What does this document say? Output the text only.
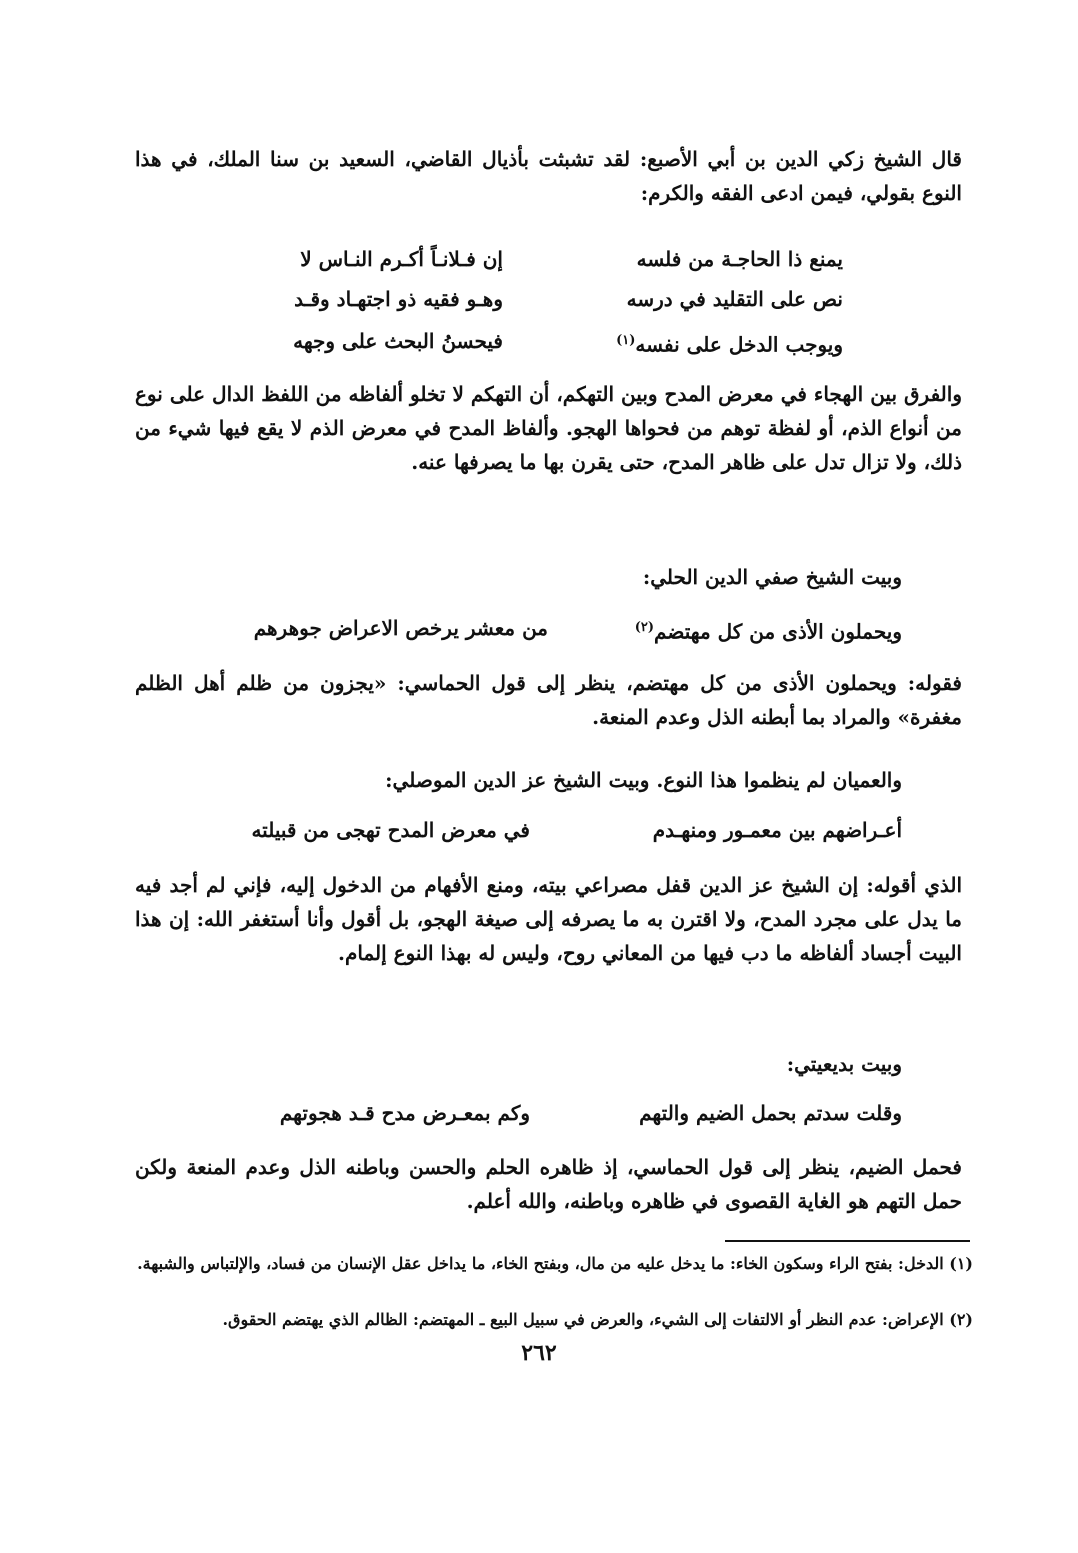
قال الشيخ زكي الدين بن أبي الأصبع: لقد تشبثت بأذيال القاضي، السعيد بن سنا الملك، في هذا النوع بقولي، فيمن ادعى الفقه والكرم:
إن فـلانـاً أكـرم النـاس لا	يمنع ذا الحاجـة من فلسه
وهـو فقيه ذو اجتهـاد وقـد	نص على التقليد في درسه
فيحسنُ البحث على وجهه	ويوجب الدخل على نفسه$^{(١)}$
والفرق بين الهجاء في معرض المدح وبين التهكم، أن التهكم لا تخلو ألفاظه من اللفظ الدال على نوع من أنواع الذم، أو لفظة توهم من فحواها الهجو. وألفاظ المدح في معرض الذم لا يقع فيها شيء من ذلك، ولا تزال تدل على ظاهر المدح، حتى يقرن بها ما يصرفها عنه.
وبيت الشيخ صفي الدين الحلي:
من معشر يرخص الاعراض جوهرهم	ويحملون الأذى من كل مهتضم$^{(٢)}$
فقوله: ويحملون الأذى من كل مهتضم، ينظر إلى قول الحماسي: «يجزون من ظلم أهل الظلم مغفرة» والمراد بما أبطنه الذل وعدم المنعة.
والعميان لم ينظموا هذا النوع. وبيت الشيخ عز الدين الموصلي:
في معرض المدح تهجى من قبيلته	أعـراضهم بين معمـور ومنهـدم
الذي أقوله: إن الشيخ عز الدين قفل مصراعي بيته، ومنع الأفهام من الدخول إليه، فإني لم أجد فيه ما يدل على مجرد المدح، ولا اقترن به ما يصرفه إلى صيغة الهجو، بل أقول وأنا أستغفر الله: إن هذا البيت أجساد ألفاظه ما دب فيها من المعاني روح، وليس له بهذا النوع إلمام.
وبيت بديعيتي:
وكم بمعـرض مدح قـد هجوتهم	وقلت سدتم بحمل الضيم والتهم
فحمل الضيم، ينظر إلى قول الحماسي، إذ ظاهره الحلم والحسن وباطنه الذل وعدم المنعة ولكن حمل التهم هو الغاية القصوى في ظاهره وباطنه، والله أعلم.
(١) الدخل: بفتح الراء وسكون الخاء: ما يدخل عليه من مال، وبفتح الخاء، ما يداخل عقل الإنسان من فساد، والإلتباس والشبهة.
(٢) الإعراض: عدم النظر أو الالتفات إلى الشيء، والعرض في سبيل البيع ـ المهتضم: الظالم الذي يهتضم الحقوق.
٢٦٢
